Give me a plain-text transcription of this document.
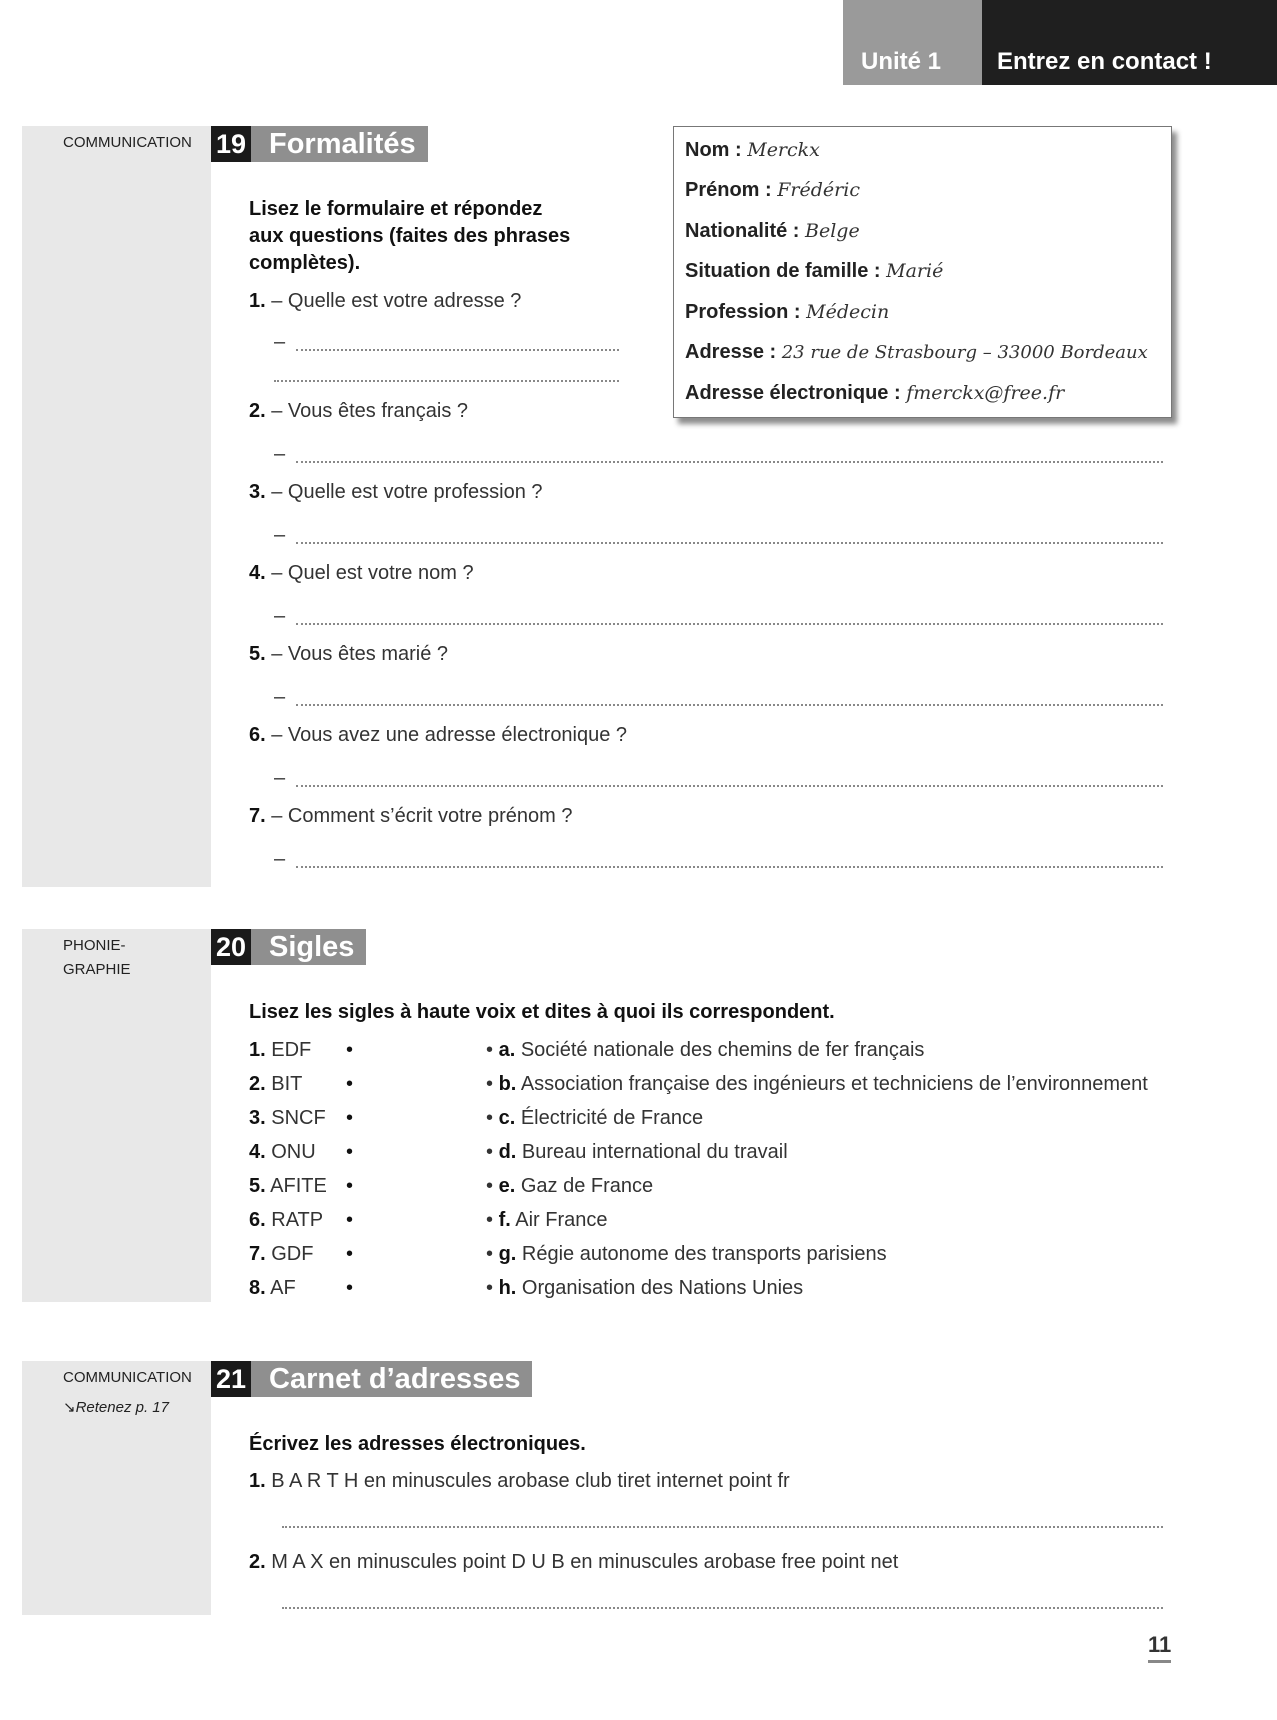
Unité 1	Entrez en contact !
COMMUNICATION 19 Formalités
Lisez le formulaire et répondez
aux questions (faites des phrases
complètes).
1. – Quelle est votre adresse ?
–
2. – Vous êtes français ?
–
3. – Quelle est votre profession ?
–
4. – Quel est votre nom ?
–
5. – Vous êtes marié ?
–
6. – Vous avez une adresse électronique ?
–
7. – Comment s’écrit votre prénom ?
–
Nom : Merckx
Prénom : Frédéric
Nationalité : Belge
Situation de famille : Marié
Profession : Médecin
Adresse : 23 rue de Strasbourg – 33000 Bordeaux
Adresse électronique : fmerckx@free.fr
PHONIE-
GRAPHIE
20 Sigles
Lisez les sigles à haute voix et dites à quoi ils correspondent.
1. EDF •	• a. Société nationale des chemins de fer français
2. BIT •	• b. Association française des ingénieurs et techniciens de l’environnement
3. SNCF •	• c. Électricité de France
4. ONU •	• d. Bureau international du travail
5. AFITE •	• e. Gaz de France
6. RATP •	• f. Air France
7. GDF •	• g. Régie autonome des transports parisiens
8. AF	•	• h. Organisation des Nations Unies
COMMUNICATION
↘Retenez p. 17
21 Carnet d’adresses
Écrivez les adresses électroniques.
1. B A R T H en minuscules arobase club tiret internet point fr
2. M A X en minuscules point D U B en minuscules arobase free point net
11
